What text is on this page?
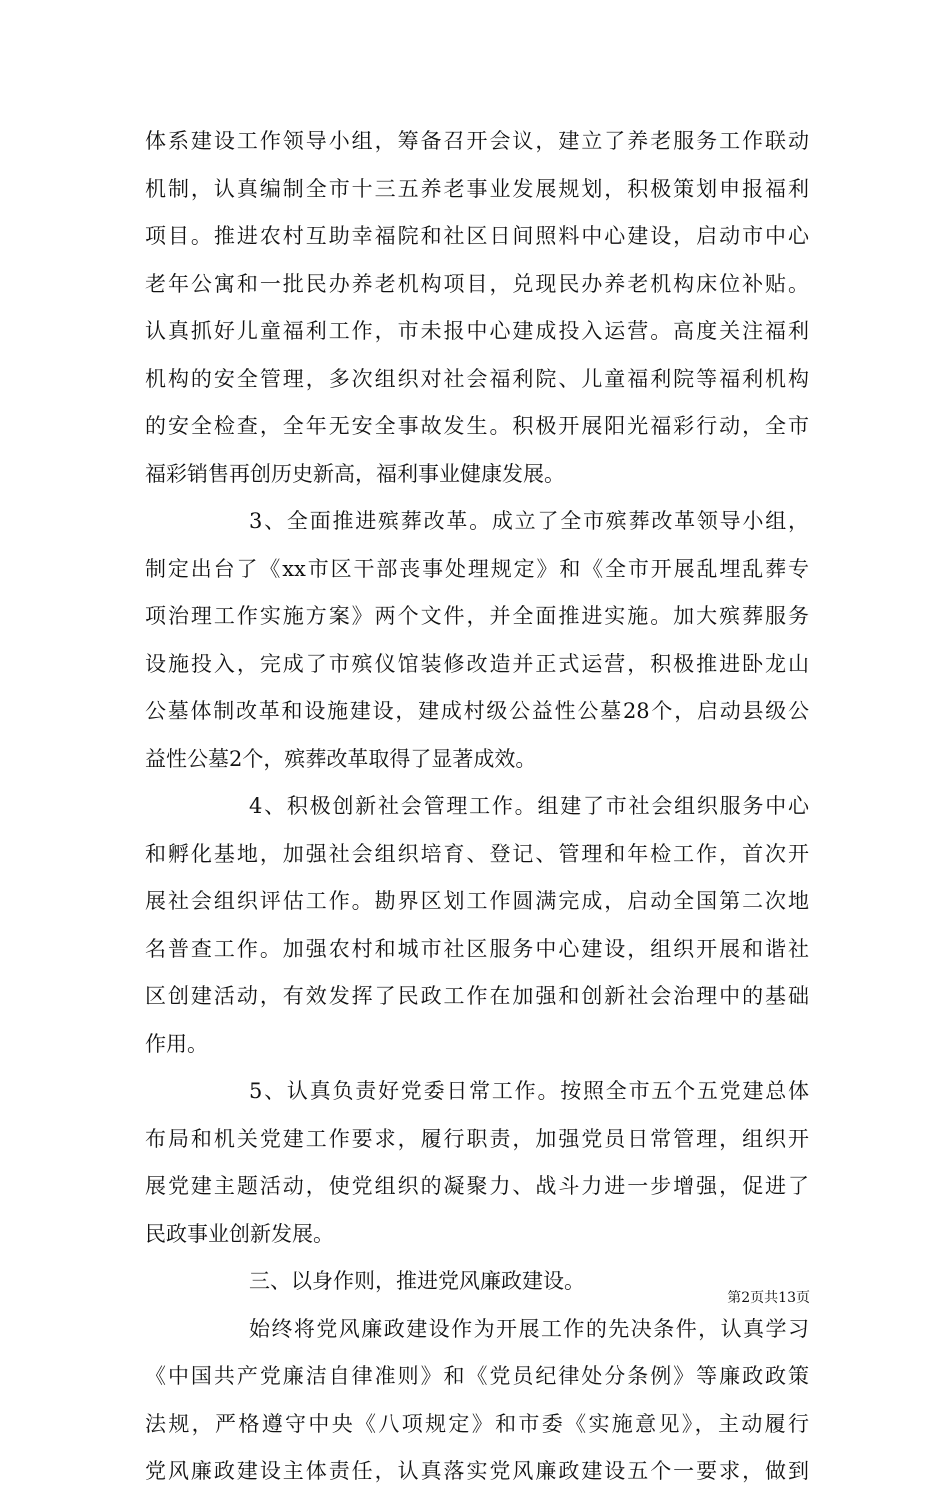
体系建设工作领导小组，筹备召开会议，建立了养老服务工作联动
机制，认真编制全市十三五养老事业发展规划，积极策划申报福利
项目。推进农村互助幸福院和社区日间照料中心建设，启动市中心
老年公寓和一批民办养老机构项目，兑现民办养老机构床位补贴。
认真抓好儿童福利工作，市未报中心建成投入运营。高度关注福利
机构的安全管理，多次组织对社会福利院、儿童福利院等福利机构
的安全检查，全年无安全事故发生。积极开展阳光福彩行动，全市
福彩销售再创历史新高，福利事业健康发展。
3、全面推进殡葬改革。成立了全市殡葬改革领导小组，
制定出台了《xx市区干部丧事处理规定》和《全市开展乱埋乱葬专
项治理工作实施方案》两个文件，并全面推进实施。加大殡葬服务
设施投入，完成了市殡仪馆装修改造并正式运营，积极推进卧龙山
公墓体制改革和设施建设，建成村级公益性公墓28个，启动县级公
益性公墓2个，殡葬改革取得了显著成效。
4、积极创新社会管理工作。组建了市社会组织服务中心
和孵化基地，加强社会组织培育、登记、管理和年检工作，首次开
展社会组织评估工作。勘界区划工作圆满完成，启动全国第二次地
名普查工作。加强农村和城市社区服务中心建设，组织开展和谐社
区创建活动，有效发挥了民政工作在加强和创新社会治理中的基础
作用。
5、认真负责好党委日常工作。按照全市五个五党建总体
布局和机关党建工作要求，履行职责，加强党员日常管理，组织开
展党建主题活动，使党组织的凝聚力、战斗力进一步增强，促进了
民政事业创新发展。
三、以身作则，推进党风廉政建设。
始终将党风廉政建设作为开展工作的先决条件，认真学习
《中国共产党廉洁自律准则》和《党员纪律处分条例》等廉政政策
法规，严格遵守中央《八项规定》和市委《实施意见》，主动履行
党风廉政建设主体责任，认真落实党风廉政建设五个一要求，做到
第2页共13页
